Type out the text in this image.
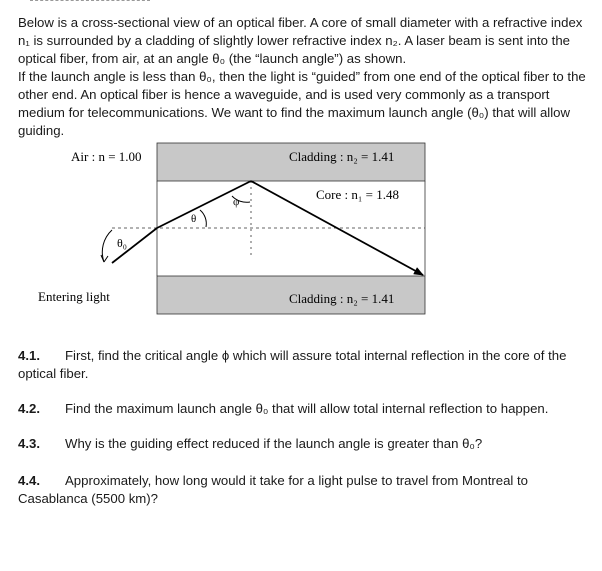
Below is a cross-sectional view of an optical fiber. A core of small diameter with a refractive index n₁ is surrounded by a cladding of slightly lower refractive index n₂. A laser beam is sent into the optical fiber, from air, at an angle θ₀ (the “launch angle”) as shown.

If the launch angle is less than θ₀, then the light is “guided” from one end of the optical fiber to the other end. An optical fiber is hence a waveguide, and is used very commonly as a transport medium for telecommunications. We want to find the maximum launch angle (θ₀) that will allow guiding.

Air : n = 1.00	Cladding : n₂ = 1.41
Core : n₁ = 1.48
Cladding : n₂ = 1.41
Entering light
θ₀
θ
φ
4.1. First, find the critical angle ϕ which will assure total internal reflection in the core of the optical fiber.
4.2. Find the maximum launch angle θ₀ that will allow total internal reflection to happen.
4.3. Why is the guiding effect reduced if the launch angle is greater than θ₀?
4.4. Approximately, how long would it take for a light pulse to travel from Montreal to Casablanca (5500 km)?
